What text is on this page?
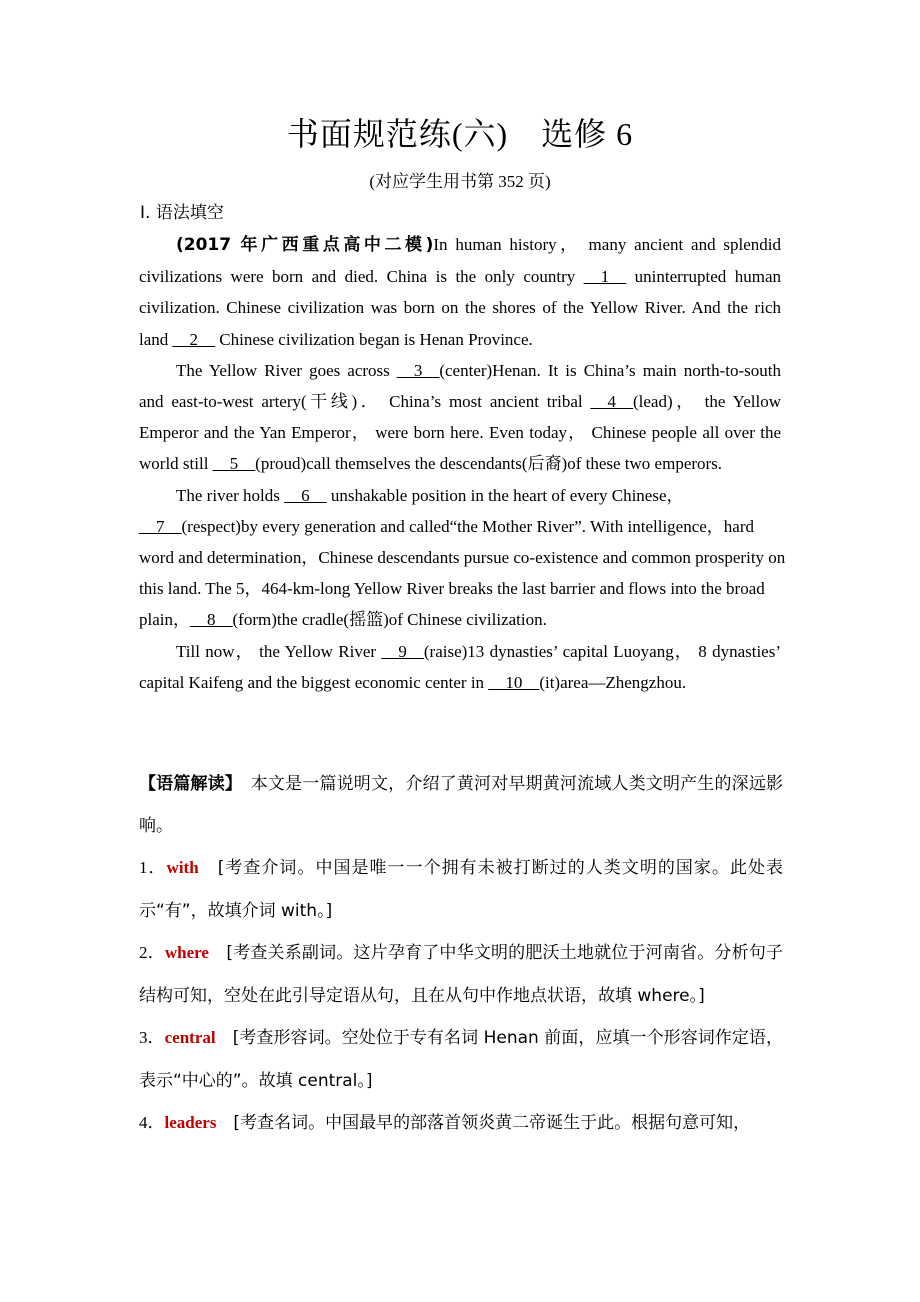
书面规范练(六)　选修 6
(对应学生用书第 352 页)
Ⅰ. 语法填空

(2017 年广西重点高中二模)In human history， many ancient and splendid civilizations were born and died. China is the only country __1__ uninterrupted human civilization. Chinese civilization was born on the shores of the Yellow River. And the rich land __2__ Chinese civilization began is Henan Province.

The Yellow River goes across __3__(center)Henan. It is China’s main north-to-south and east-to-west artery(干线)． China’s most ancient tribal __4__(lead)， the Yellow Emperor and the Yan Emperor， were born here. Even today， Chinese people all over the world still __5__(proud)call themselves the descendants(后裔)of these two emperors.

The river holds __6__ unshakable position in the heart of every Chinese，__7__(respect)by every generation and called“the Mother River”. With intelligence，hard word and determination，Chinese descendants pursue co-existence and common prosperity on this land. The 5，464-km-long Yellow River breaks the last barrier and flows into the broad plain，__8__(form)the cradle(摇篮)of Chinese civilization.

Till now， the Yellow River __9__(raise)13 dynasties’ capital Luoyang， 8 dynasties’ capital Kaifeng and the biggest economic center in __10__(it)area—Zhengzhou.

【语篇解读】　本文是一篇说明文，介绍了黄河对早期黄河流域人类文明产生的深远影响。

1．with　[考查介词。中国是唯一一个拥有未被打断过的人类文明的国家。此处表示“有”，故填介词 with。]

2．where　[考查关系副词。这片孕育了中华文明的肥沃土地就位于河南省。分析句子结构可知，空处在此引导定语从句，且在从句中作地点状语，故填 where。]

3．central　[考查形容词。空处位于专有名词 Henan 前面，应填一个形容词作定语，表示“中心的”。故填 central。]

4．leaders　[考查名词。中国最早的部落首领炎黄二帝诞生于此。根据句意可知，
